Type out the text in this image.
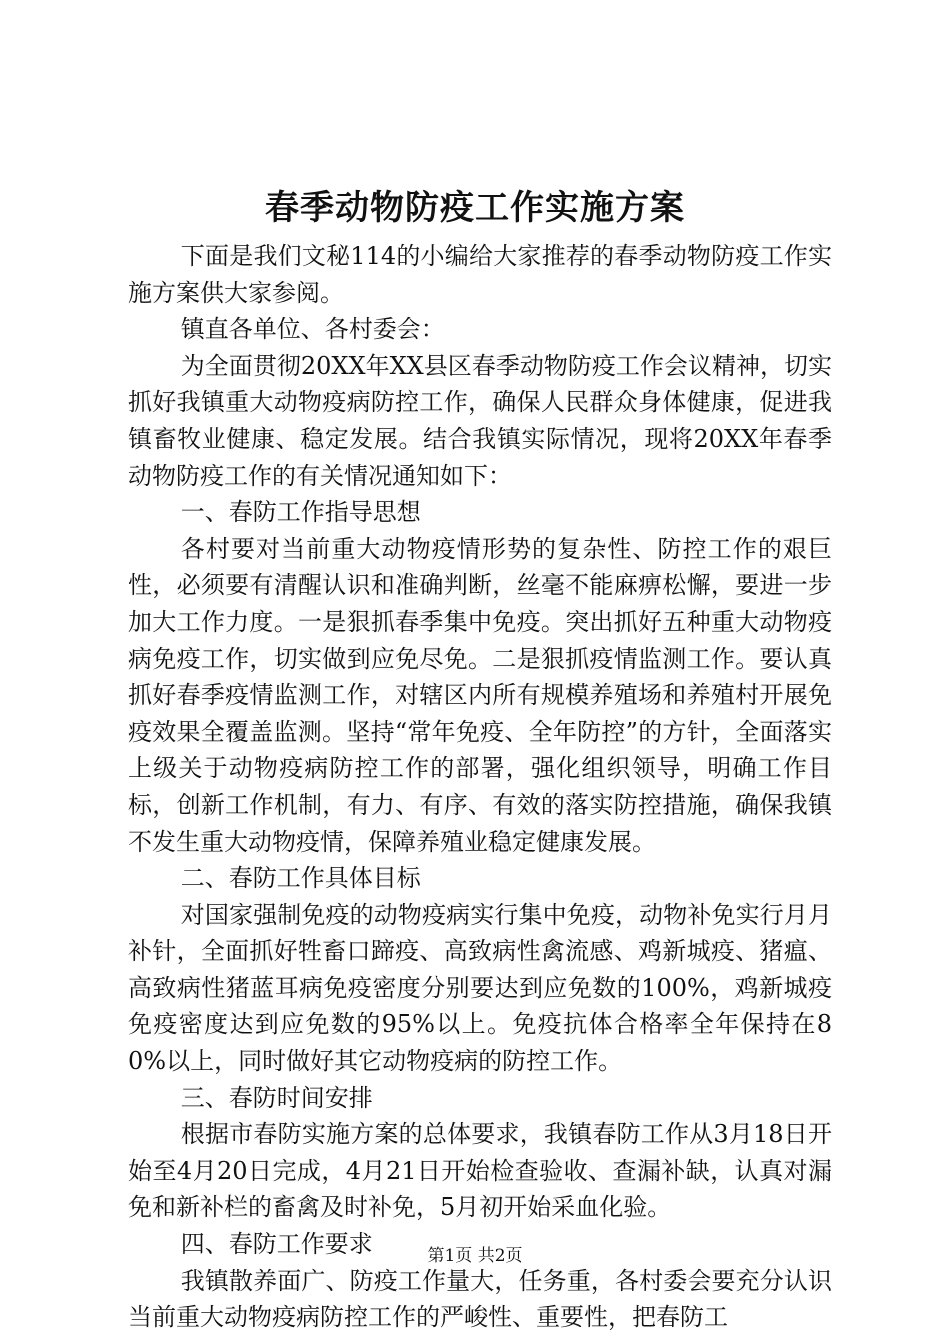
春季动物防疫工作实施方案

下面是我们文秘114的小编给大家推荐的春季动物防疫工作实施方案供大家参阅。

镇直各单位、各村委会：

为全面贯彻20XX年XX县区春季动物防疫工作会议精神，切实抓好我镇重大动物疫病防控工作，确保人民群众身体健康，促进我镇畜牧业健康、稳定发展。结合我镇实际情况，现将20XX年春季动物防疫工作的有关情况通知如下：

一、春防工作指导思想

各村要对当前重大动物疫情形势的复杂性、防控工作的艰巨性，必须要有清醒认识和准确判断，丝毫不能麻痹松懈，要进一步加大工作力度。一是狠抓春季集中免疫。突出抓好五种重大动物疫病免疫工作，切实做到应免尽免。二是狠抓疫情监测工作。要认真抓好春季疫情监测工作，对辖区内所有规模养殖场和养殖村开展免疫效果全覆盖监测。坚持“常年免疫、全年防控”的方针，全面落实上级关于动物疫病防控工作的部署，强化组织领导，明确工作目标，创新工作机制，有力、有序、有效的落实防控措施，确保我镇不发生重大动物疫情，保障养殖业稳定健康发展。

二、春防工作具体目标

对国家强制免疫的动物疫病实行集中免疫，动物补免实行月月补针，全面抓好牲畜口蹄疫、高致病性禽流感、鸡新城疫、猪瘟、高致病性猪蓝耳病免疫密度分别要达到应免数的100%，鸡新城疫免疫密度达到应免数的95%以上。免疫抗体合格率全年保持在80%以上，同时做好其它动物疫病的防控工作。

三、春防时间安排

根据市春防实施方案的总体要求，我镇春防工作从3月18日开始至4月20日完成，4月21日开始检查验收、查漏补缺，认真对漏免和新补栏的畜禽及时补免，5月初开始采血化验。

四、春防工作要求

我镇散养面广、防疫工作量大，任务重，各村委会要充分认识当前重大动物疫病防控工作的严峻性、重要性，把春防工

第1页 共2页
